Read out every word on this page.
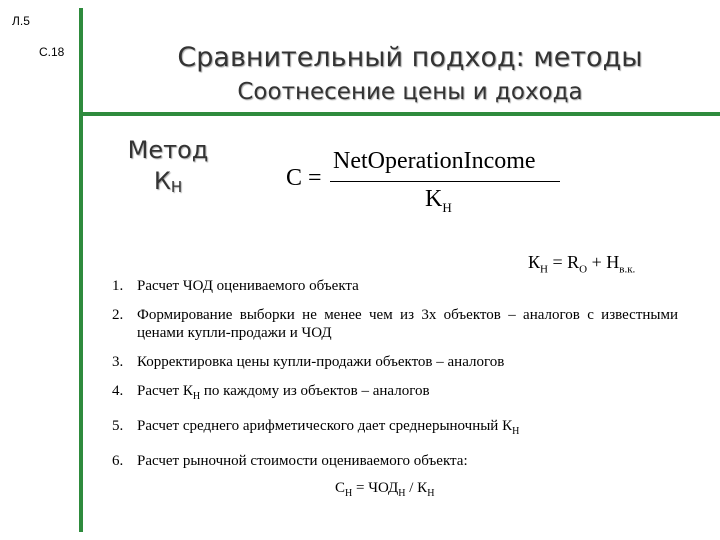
Л.5
С.18	Сравнительный подход: методы
Соотнесение цены и дохода
Метод
$К_Н$	C =
NetOperationIncome
$K_H$
$К_Н = R_O + H_{в.к.}$
1. Расчет ЧОД оцениваемого объекта
2. Формирование выборки не менее чем из 3х объектов – аналогов с известными ценами купли-продажи и ЧОД
3. Корректировка цены купли-продажи объектов – аналогов
4. Расчет $К_Н$ по каждому из объектов – аналогов
5. Расчет среднего арифметического дает среднерыночный $К_Н$
6. Расчет рыночной стоимости оцениваемого объекта:
$С_Н = ЧОД_Н / К_Н$
